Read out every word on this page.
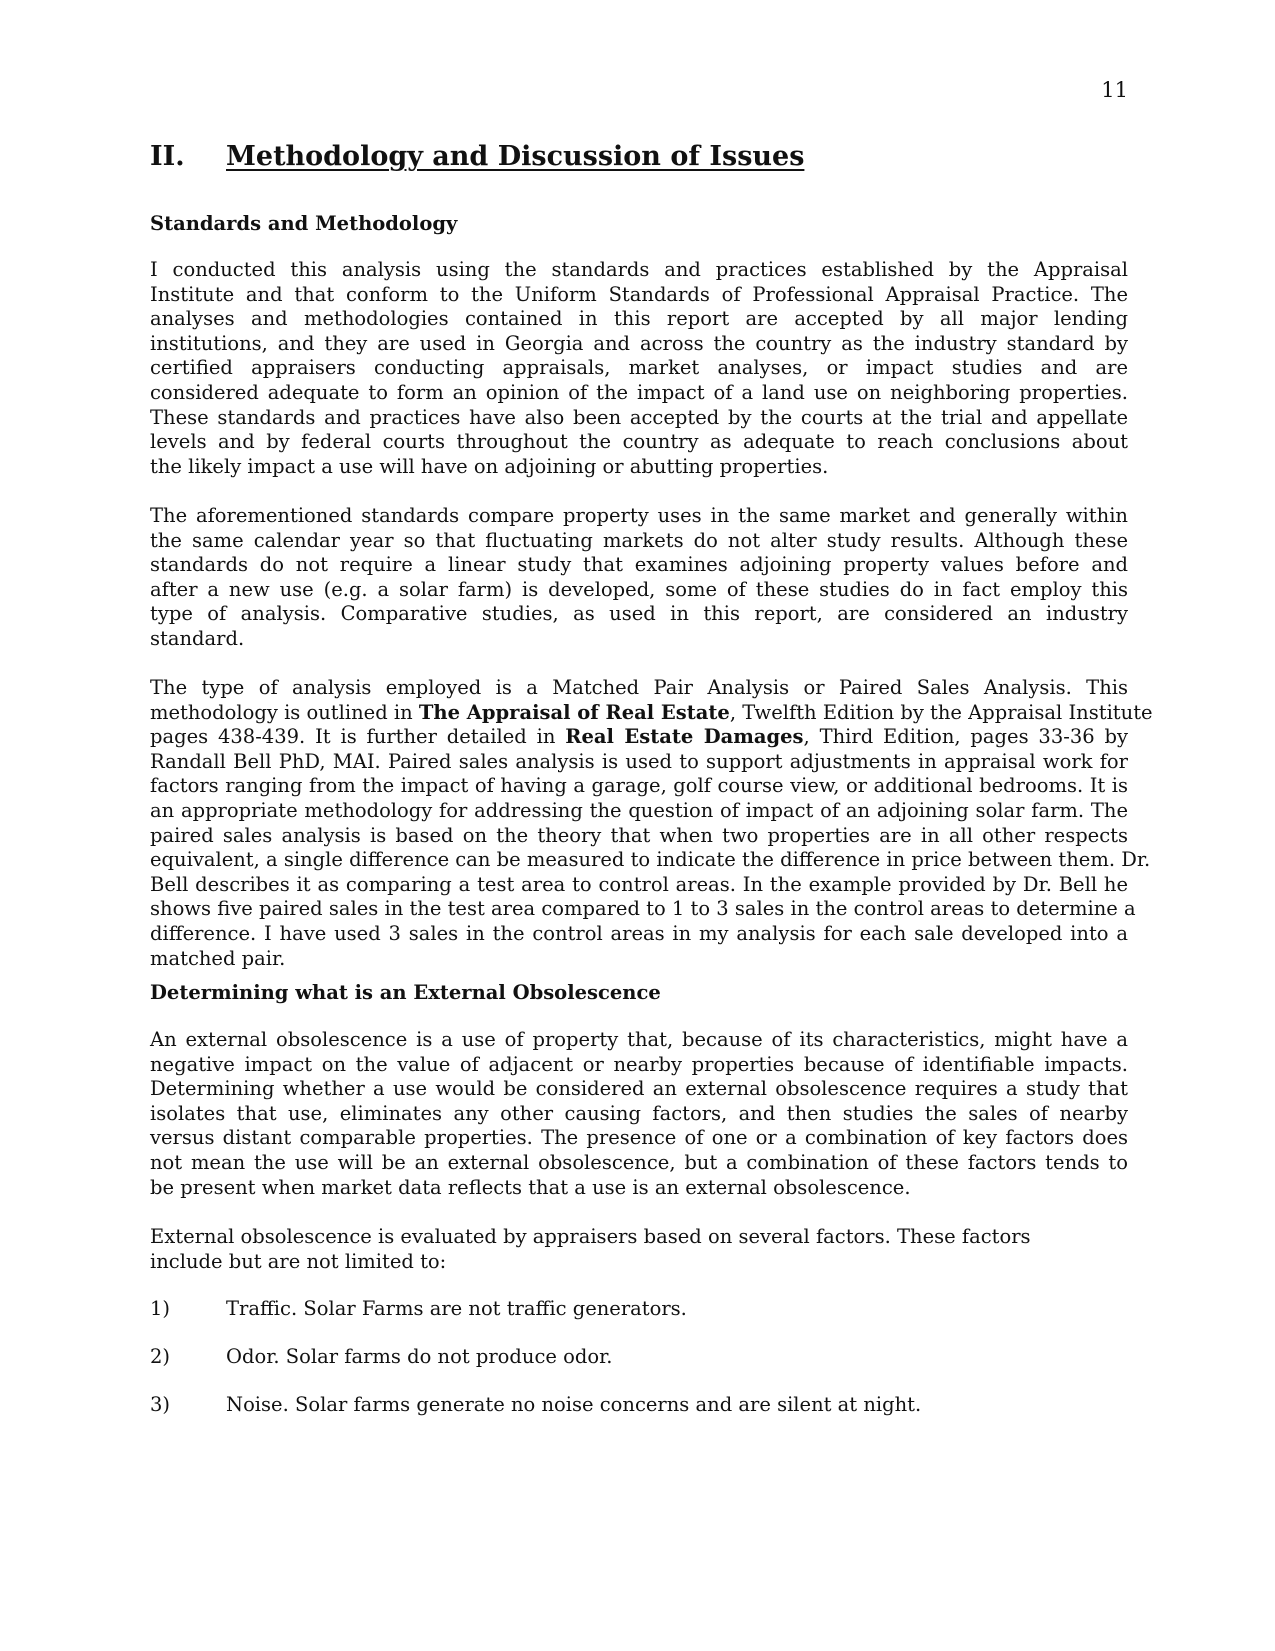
11
II. Methodology and Discussion of Issues
Standards and Methodology
I conducted this analysis using the standards and practices established by the Appraisal
Institute and that conform to the Uniform Standards of Professional Appraisal Practice. The
analyses and methodologies contained in this report are accepted by all major lending
institutions, and they are used in Georgia and across the country as the industry standard by
certified appraisers conducting appraisals, market analyses, or impact studies and are
considered adequate to form an opinion of the impact of a land use on neighboring properties.
These standards and practices have also been accepted by the courts at the trial and appellate
levels and by federal courts throughout the country as adequate to reach conclusions about
the likely impact a use will have on adjoining or abutting properties.
The aforementioned standards compare property uses in the same market and generally within
the same calendar year so that fluctuating markets do not alter study results. Although these
standards do not require a linear study that examines adjoining property values before and
after a new use (e.g. a solar farm) is developed, some of these studies do in fact employ this
type of analysis. Comparative studies, as used in this report, are considered an industry
standard.
The type of analysis employed is a Matched Pair Analysis or Paired Sales Analysis. This
methodology is outlined in The Appraisal of Real Estate, Twelfth Edition by the Appraisal Institute
pages 438-439. It is further detailed in Real Estate Damages, Third Edition, pages 33-36 by
Randall Bell PhD, MAI. Paired sales analysis is used to support adjustments in appraisal work for
factors ranging from the impact of having a garage, golf course view, or additional bedrooms. It is
an appropriate methodology for addressing the question of impact of an adjoining solar farm. The
paired sales analysis is based on the theory that when two properties are in all other respects
equivalent, a single difference can be measured to indicate the difference in price between them. Dr.
Bell describes it as comparing a test area to control areas. In the example provided by Dr. Bell he
shows five paired sales in the test area compared to 1 to 3 sales in the control areas to determine a
difference. I have used 3 sales in the control areas in my analysis for each sale developed into a
matched pair.
Determining what is an External Obsolescence
An external obsolescence is a use of property that, because of its characteristics, might have a
negative impact on the value of adjacent or nearby properties because of identifiable impacts.
Determining whether a use would be considered an external obsolescence requires a study that
isolates that use, eliminates any other causing factors, and then studies the sales of nearby
versus distant comparable properties. The presence of one or a combination of key factors does
not mean the use will be an external obsolescence, but a combination of these factors tends to
be present when market data reflects that a use is an external obsolescence.
External obsolescence is evaluated by appraisers based on several factors. These factors
include but are not limited to:
1)	Traffic. Solar Farms are not traffic generators.
2)	Odor. Solar farms do not produce odor.
3)	Noise. Solar farms generate no noise concerns and are silent at night.
